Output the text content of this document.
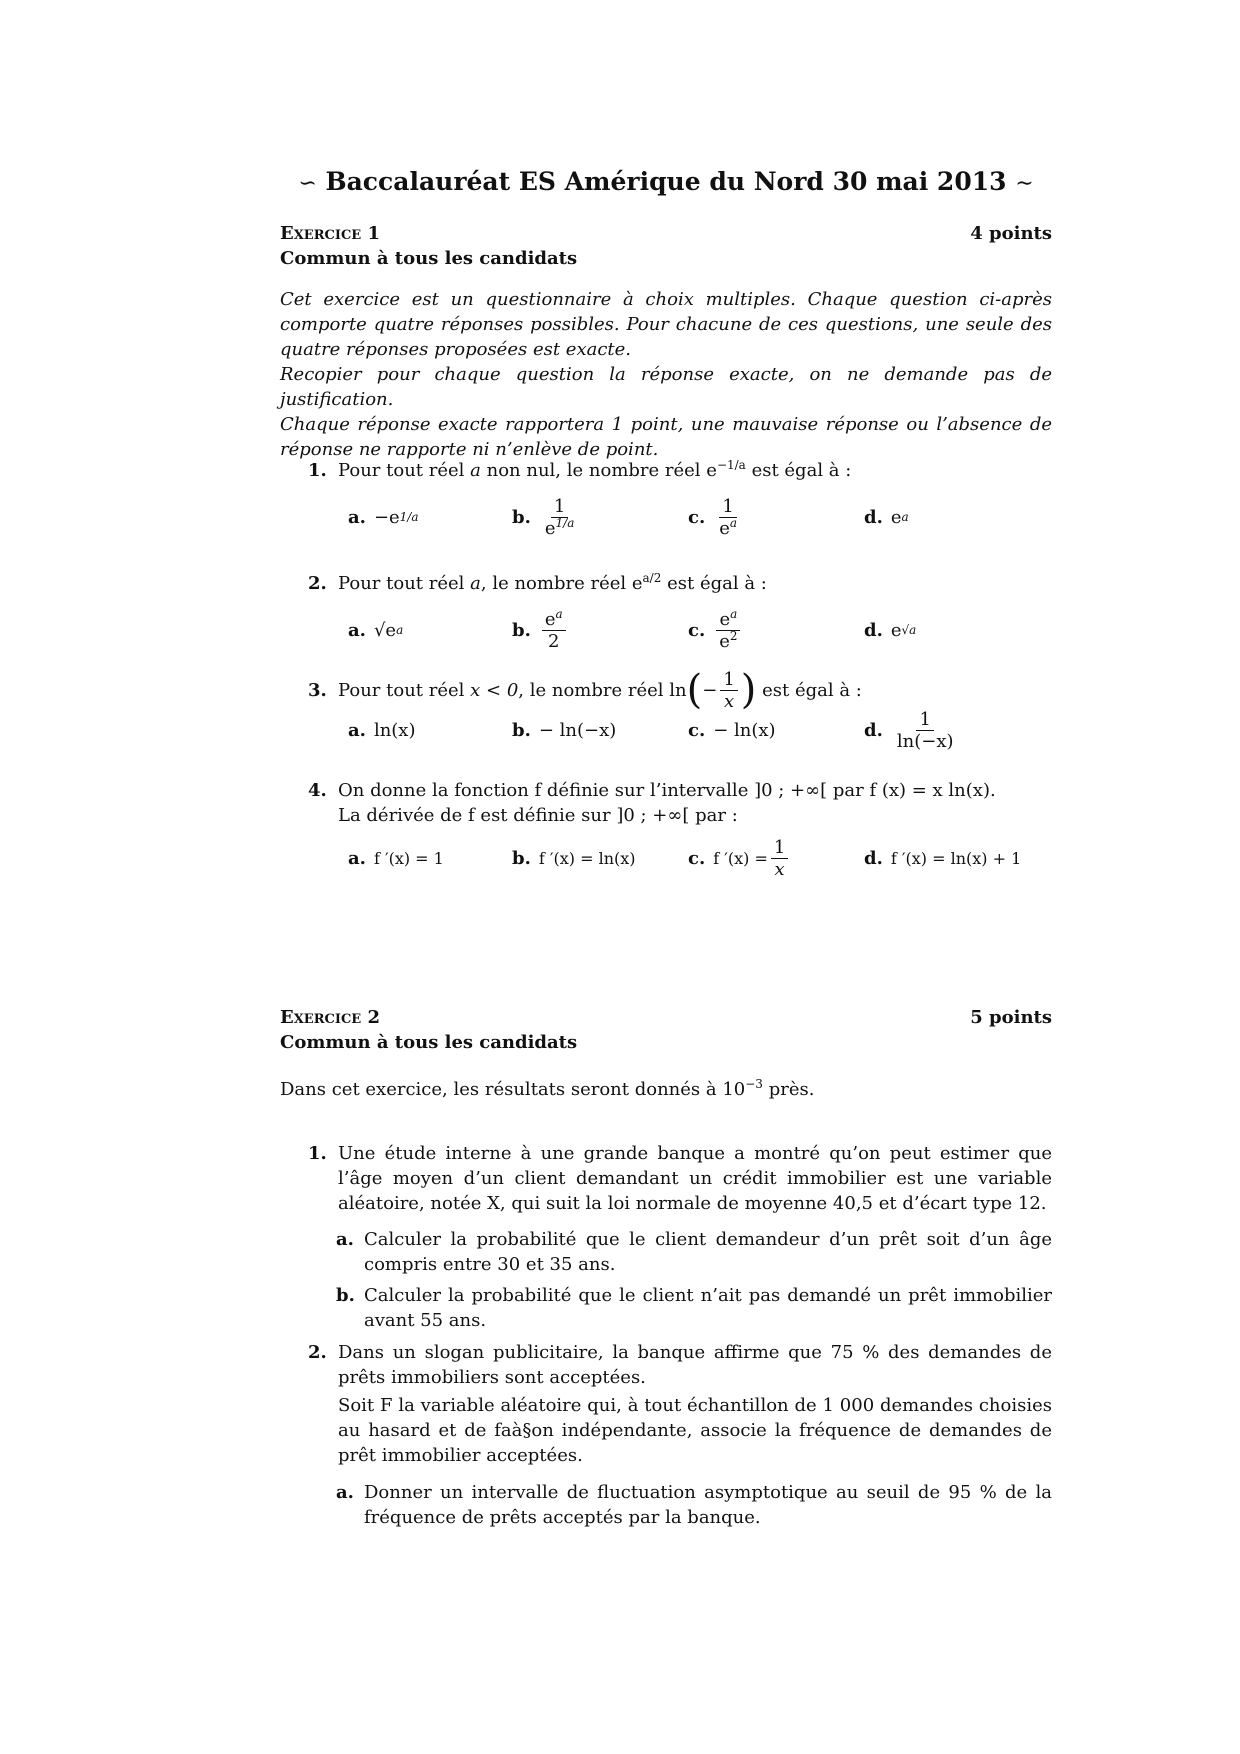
∽ Baccalauréat ES Amérique du Nord 30 mai 2013 ∼
Exercice 1	4 points
Commun à tous les candidats

Cet exercice est un questionnaire à choix multiples. Chaque question ci-après comporte quatre réponses possibles. Pour chacune de ces questions, une seule des quatre réponses proposées est exacte.

Recopier pour chaque question la réponse exacte, on ne demande pas de justification.

Chaque réponse exacte rapportera 1 point, une mauvaise réponse ou l’absence de réponse ne rapporte ni n’enlève de point.

1. Pour tout réel a non nul, le nombre réel $e^{-1/a}$ est égal à :
a. −e 1/a	b. $\frac{1}{e^{1/a}}$	c. $\frac{1}{e^a}$	d. e a
2. Pour tout réel a, le nombre réel $e^{a/2}$ est égal à :
a. √e a	b. $\frac{e^a}{2}$	c. $\frac{e^a}{e^2}$	d. e √a
3. Pour tout réel
x < 0 , le nombre réel ln ( − $\frac{1}{x}$ )
est égal à :
a. ln(x)	b. − ln(−x)	c. − ln(x)	d. $\frac{1}{\ln(-x)}$
4. On donne la fonction f définie sur l’intervalle ]0 ; +∞[ par f (x) = x ln(x).

La dérivée de f est définie sur ]0 ; +∞[ par :

a. f ′(x) = 1	b. f ′(x) = ln(x)	c. f $'(x) = \frac{1}{x}$	d. f ′(x) = ln(x) + 1
Exercice 2	5 points
Commun à tous les candidats
Dans cet exercice, les résultats seront donnés à $10^{-3}$ près.
1. Une étude interne à une grande banque a montré qu’on peut estimer que l’âge moyen d’un client demandant un crédit immobilier est une variable aléatoire, notée X, qui suit la loi normale de moyenne 40,5 et d’écart type 12.
a. Calculer la probabilité que le client demandeur d’un prêt soit d’un âge compris entre 30 et 35 ans.
b. Calculer la probabilité que le client n’ait pas demandé un prêt immobilier avant 55 ans.
2. Dans un slogan publicitaire, la banque affirme que 75 % des demandes de prêts immobiliers sont acceptées.

Soit F la variable aléatoire qui, à tout échantillon de 1 000 demandes choisies au hasard et de faà§on indépendante, associe la fréquence de demandes de prêt immobilier acceptées.

a. Donner un intervalle de fluctuation asymptotique au seuil de 95 % de la fréquence de prêts acceptés par la banque.
